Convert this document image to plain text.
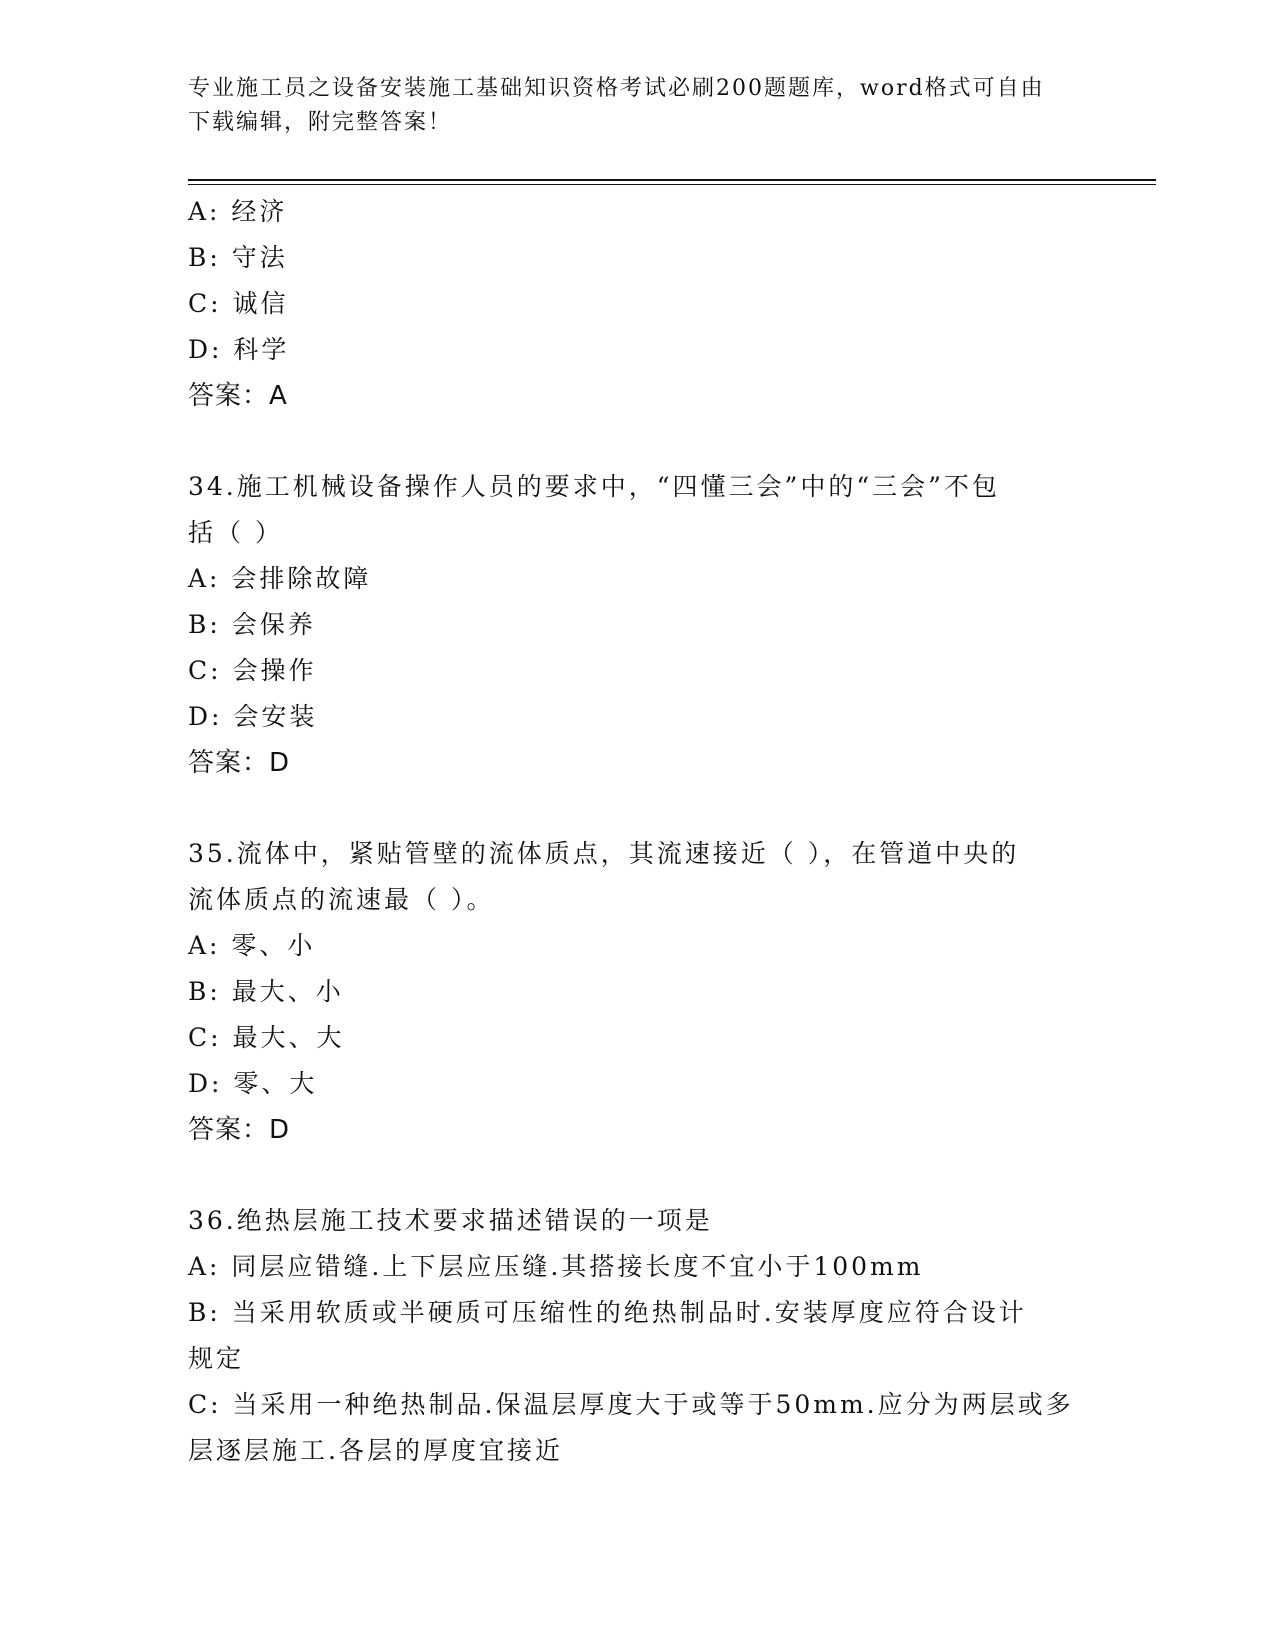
专业施工员之设备安装施工基础知识资格考试必刷200题题库，word格式可自由
下载编辑，附完整答案！
A: 经济
B: 守法
C: 诚信
D: 科学
答案：A
34.施工机械设备操作人员的要求中，“四懂三会”中的“三会”不包
括（ ）
A: 会排除故障
B: 会保养
C: 会操作
D: 会安装
答案：D
35.流体中，紧贴管壁的流体质点，其流速接近（ ），在管道中央的
流体质点的流速最（ ）。
A: 零、小
B: 最大、小
C: 最大、大
D: 零、大
答案：D
36.绝热层施工技术要求描述错误的一项是
A: 同层应错缝.上下层应压缝.其搭接长度不宜小于100mm
B: 当采用软质或半硬质可压缩性的绝热制品时.安装厚度应符合设计
规定
C: 当采用一种绝热制品.保温层厚度大于或等于50mm.应分为两层或多
层逐层施工.各层的厚度宜接近
